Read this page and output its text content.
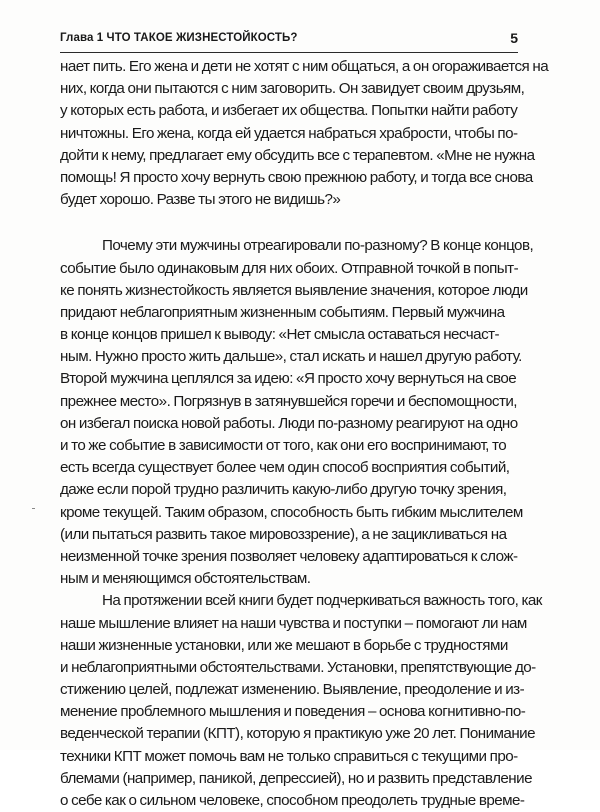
Глава 1 ЧТО ТАКОЕ ЖИЗНЕСТОЙКОСТЬ?	5
нает пить. Его жена и дети не хотят с ним общаться, а он огораживается на
них, когда они пытаются с ним заговорить. Он завидует своим друзьям,
у которых есть работа, и избегает их общества. Попытки найти работу
ничтожны. Его жена, когда ей удается набраться храбрости, чтобы по-
дойти к нему, предлагает ему обсудить все с терапевтом. «Мне не нужна
помощь! Я просто хочу вернуть свою прежнюю работу, и тогда все снова
будет хорошо. Разве ты этого не видишь?»
Почему эти мужчины отреагировали по-разному? В конце концов,
событие было одинаковым для них обоих. Отправной точкой в попыт-
ке понять жизнестойкость является выявление значения, которое люди
придают неблагоприятным жизненным событиям. Первый мужчина
в конце концов пришел к выводу: «Нет смысла оставаться несчаст-
ным. Нужно просто жить дальше», стал искать и нашел другую работу.
Второй мужчина цеплялся за идею: «Я просто хочу вернуться на свое
прежнее место». Погрязнув в затянувшейся горечи и беспомощности,
он избегал поиска новой работы. Люди по-разному реагируют на одно
и то же событие в зависимости от того, как они его воспринимают, то
есть всегда существует более чем один способ восприятия событий,
даже если порой трудно различить какую-либо другую точку зрения,
кроме текущей. Таким образом, способность быть гибким мыслителем
(или пытаться развить такое мировоззрение), а не зацикливаться на
неизменной точке зрения позволяет человеку адаптироваться к слож-
ным и меняющимся обстоятельствам.
На протяжении всей книги будет подчеркиваться важность того, как
наше мышление влияет на наши чувства и поступки – помогают ли нам
наши жизненные установки, или же мешают в борьбе с трудностями
и неблагоприятными обстоятельствами. Установки, препятствующие до-
стижению целей, подлежат изменению. Выявление, преодоление и из-
менение проблемного мышления и поведения – основа когнитивно-по-
веденческой терапии (КПТ), которую я практикую уже 20 лет. Понимание
техники КПТ может помочь вам не только справиться с текущими про-
блемами (например, паникой, депрессией), но и развить представление
о себе как о сильном человеке, способном преодолеть трудные време-
